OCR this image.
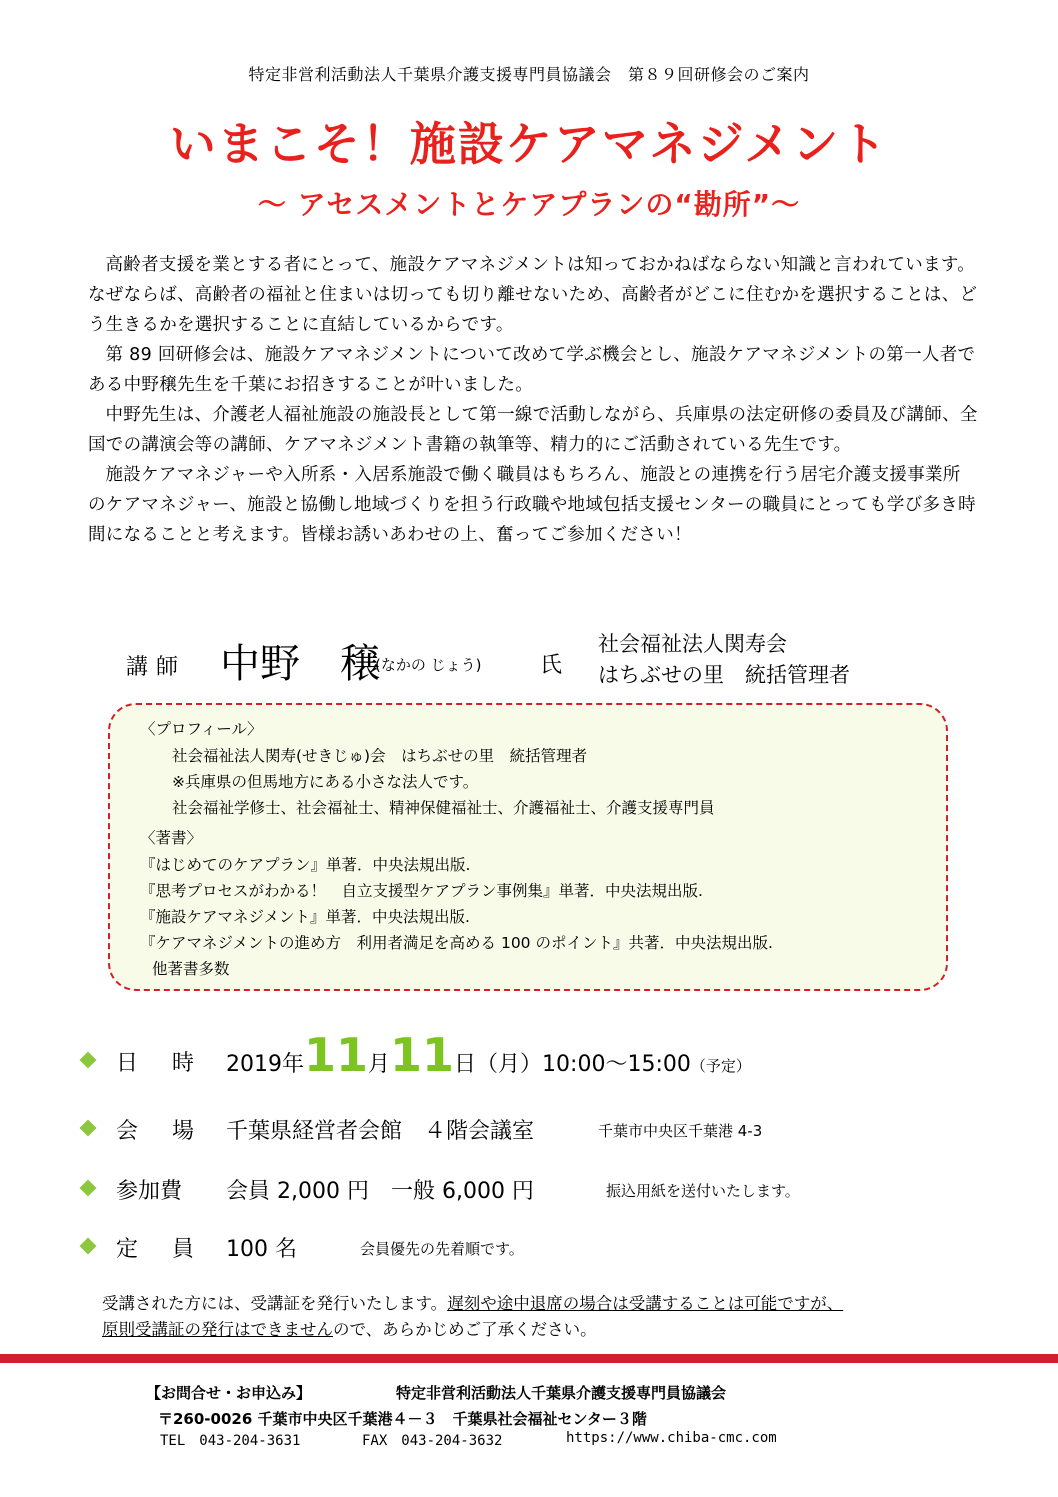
特定非営利活動法人千葉県介護支援専門員協議会　第８９回研修会のご案内
いまこそ！施設ケアマネジメント
～ アセスメントとケアプランの“勘所”～

高齢者支援を業とする者にとって、施設ケアマネジメントは知っておかねばならない知識と言われています。なぜならば、高齢者の福祉と住まいは切っても切り離せないため、高齢者がどこに住むかを選択することは、どう生きるかを選択することに直結しているからです。

第 89 回研修会は、施設ケアマネジメントについて改めて学ぶ機会とし、施設ケアマネジメントの第一人者である中野穣先生を千葉にお招きすることが叶いました。

中野先生は、介護老人福祉施設の施設長として第一線で活動しながら、兵庫県の法定研修の委員及び講師、全国での講演会等の講師、ケアマネジメント書籍の執筆等、精力的にご活動されている先生です。

施設ケアマネジャーや入所系・入居系施設で働く職員はもちろん、施設との連携を行う居宅介護支援事業所のケアマネジャー、施設と協働し地域づくりを担う行政職や地域包括支援センターの職員にとっても学び多き時間になることと考えます。皆様お誘いあわせの上、奮ってご参加ください！

講師 中野　穣
(なかの じょう)	氏
社会福祉法人関寿会
はちぶせの里　統括管理者
〈プロフィール〉
社会福祉法人関寿(せきじゅ)会　はちぶせの里　統括管理者
※兵庫県の但馬地方にある小さな法人です。
社会福祉学修士、社会福祉士、精神保健福祉士、介護福祉士、介護支援専門員
〈著書〉
『はじめてのケアプラン』単著．中央法規出版.
『思考プロセスがわかる！　自立支援型ケアプラン事例集』単著．中央法規出版.
『施設ケアマネジメント』単著．中央法規出版.
『ケアマネジメントの進め方　利用者満足を高める 100 のポイント』共著．中央法規出版.
他著書多数
日　時 2019年11月11日（月）10:00～15:00（予定）
会　場 千葉県経営者会館　４階会議室	千葉市中央区千葉港 4-3
参加費 会員 2,000 円　一般 6,000 円	振込用紙を送付いたします。
定　員 100 名	会員優先の先着順です。
受講された方には、受講証を発行いたします。遅刻や途中退席の場合は受講することは可能ですが、
原則受講証の発行はできませんので、あらかじめご了承ください。
【お問合せ・お申込み】	特定非営利活動法人千葉県介護支援専門員協議会
〒260-0026 千葉市中央区千葉港４－３　千葉県社会福祉センター３階
TEL　043-204-3631	FAX　043-204-3632	https://www.chiba-cmc.com
